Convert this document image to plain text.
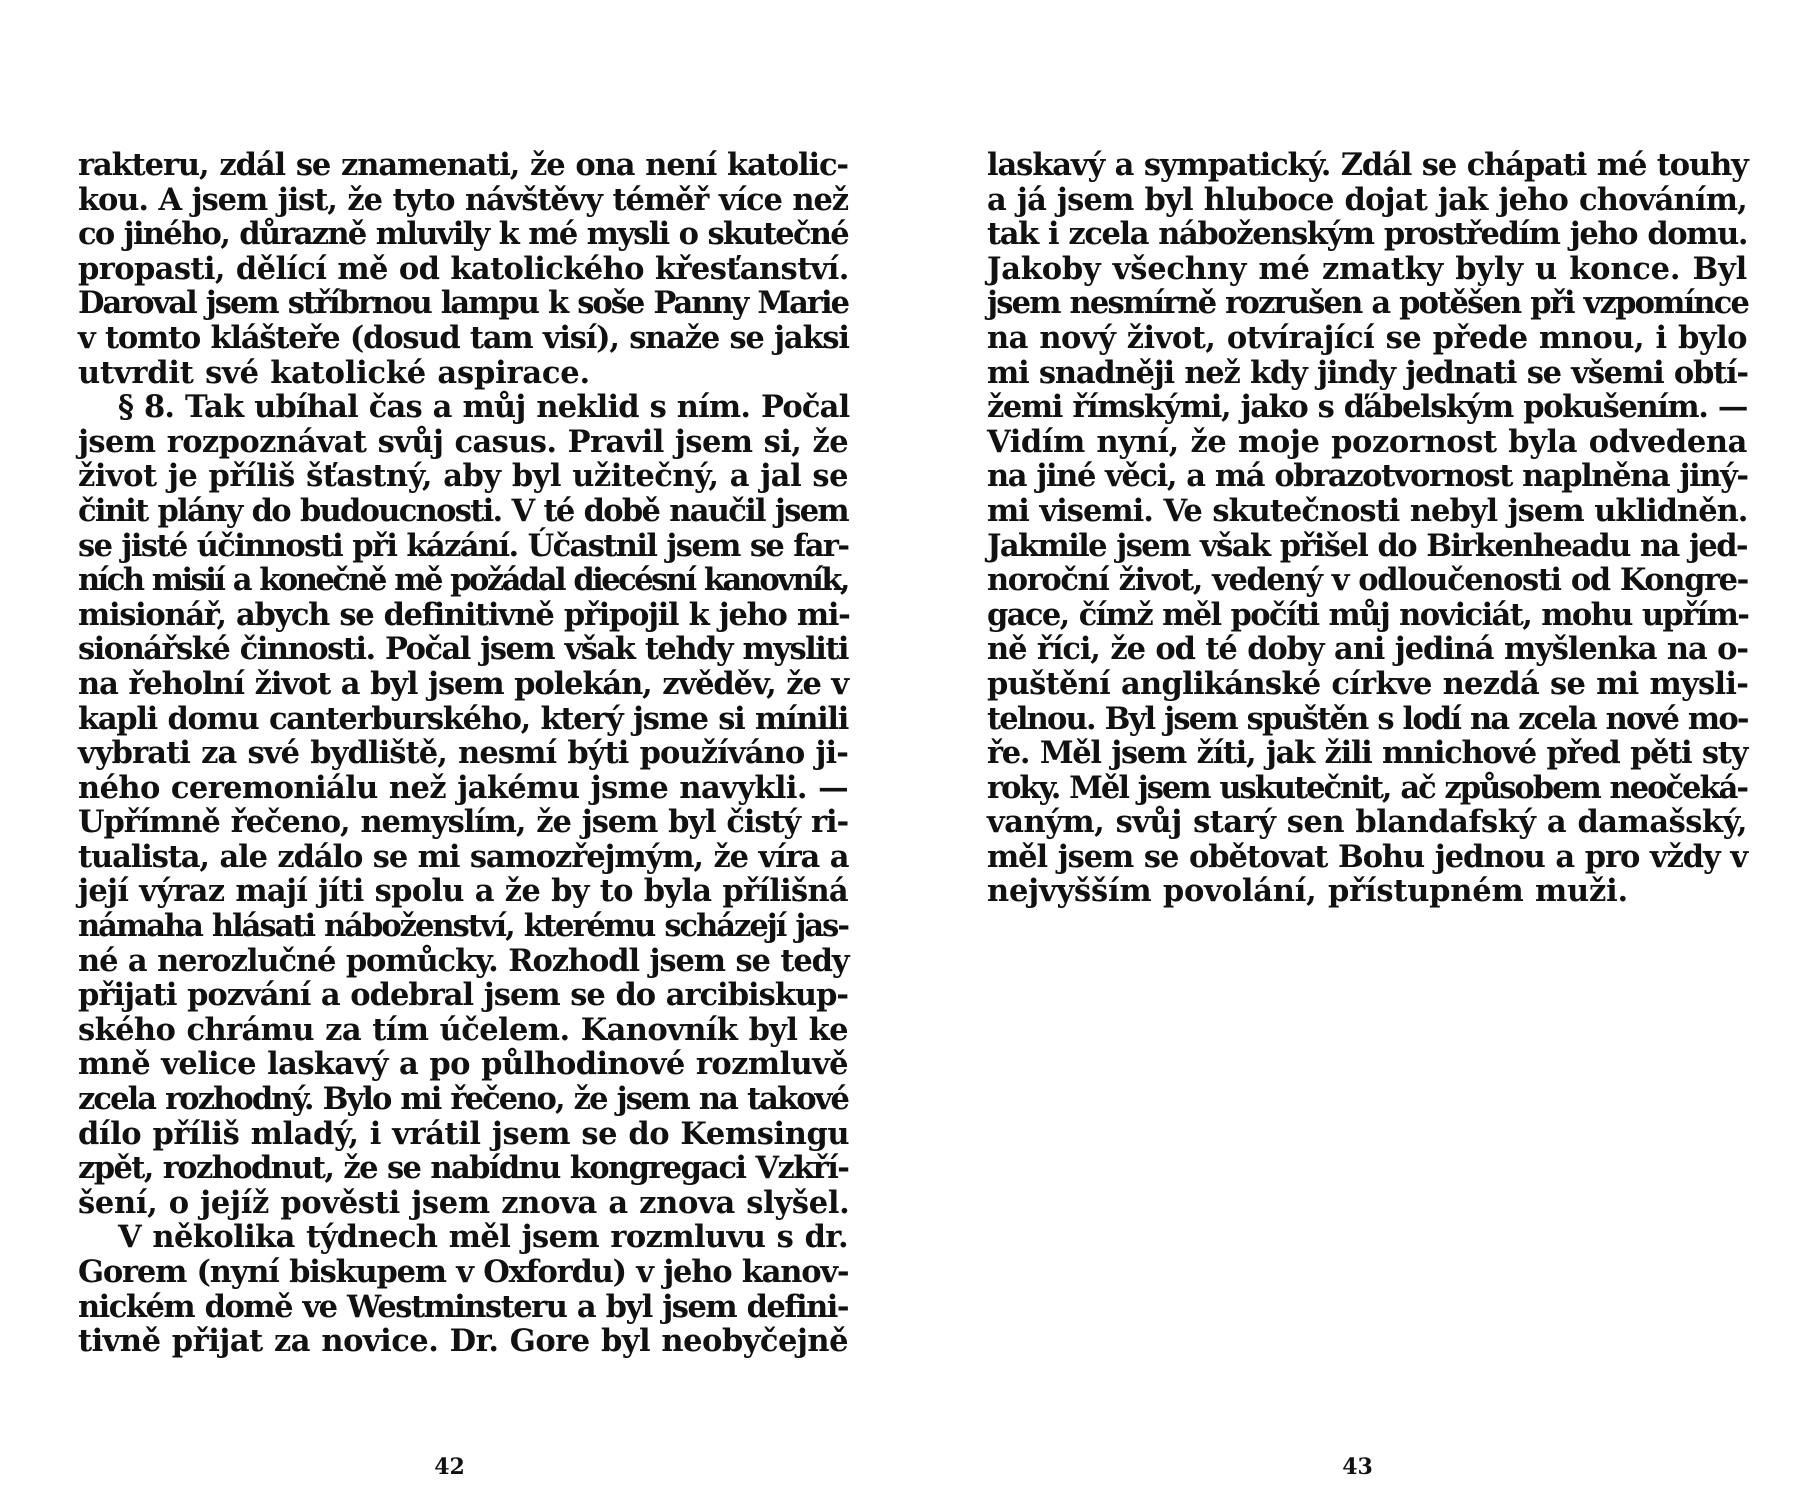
rakteru, zdál se znamenati, že ona není katolic-
kou. A jsem jist, že tyto návštěvy téměř více než
co jiného, důrazně mluvily k mé mysli o skutečné
propasti, dělící mě od katolického křesťanství.
Daroval jsem stříbrnou lampu k soše Panny Marie
v tomto klášteře (dosud tam visí), snaže se jaksi
utvrdit své katolické aspirace.
§ 8. Tak ubíhal čas a můj neklid s ním. Počal
jsem rozpoznávat svůj casus. Pravil jsem si, že
život je příliš šťastný, aby byl užitečný, a jal se
činit plány do budoucnosti. V té době naučil jsem
se jisté účinnosti při kázání. Účastnil jsem se far-
ních misií a konečně mě požádal diecésní kanovník,
misionář, abych se definitivně připojil k jeho mi-
sionářské činnosti. Počal jsem však tehdy mysliti
na řeholní život a byl jsem polekán, zvěděv, že v
kapli domu canterburského, který jsme si mínili
vybrati za své bydliště, nesmí býti používáno ji-
ného ceremoniálu než jakému jsme navykli. —
Upřímně řečeno, nemyslím, že jsem byl čistý ri-
tualista, ale zdálo se mi samozřejmým, že víra a
její výraz mají jíti spolu a že by to byla přílišná
námaha hlásati náboženství, kterému scházejí jas-
né a nerozlučné pomůcky. Rozhodl jsem se tedy
přijati pozvání a odebral jsem se do arcibiskup-
ského chrámu za tím účelem. Kanovník byl ke
mně velice laskavý a po půlhodinové rozmluvě
zcela rozhodný. Bylo mi řečeno, že jsem na takové
dílo příliš mladý, i vrátil jsem se do Kemsingu
zpět, rozhodnut, že se nabídnu kongregaci Vzkří-
šení, o jejíž pověsti jsem znova a znova slyšel.
V několika týdnech měl jsem rozmluvu s dr.
Gorem (nyní biskupem v Oxfordu) v jeho kanov-
nickém domě ve Westminsteru a byl jsem defini-
tivně přijat za novice. Dr. Gore byl neobyčejně
42
laskavý a sympatický. Zdál se chápati mé touhy
a já jsem byl hluboce dojat jak jeho chováním,
tak i zcela náboženským prostředím jeho domu.
Jakoby všechny mé zmatky byly u konce. Byl
jsem nesmírně rozrušen a potěšen při vzpomínce
na nový život, otvírající se přede mnou, i bylo
mi snadněji než kdy jindy jednati se všemi obtí-
žemi římskými, jako s ďábelským pokušením. —
Vidím nyní, že moje pozornost byla odvedena
na jiné věci, a má obrazotvornost naplněna jiný-
mi visemi. Ve skutečnosti nebyl jsem uklidněn.
Jakmile jsem však přišel do Birkenheadu na jed-
noroční život, vedený v odloučenosti od Kongre-
gace, čímž měl počíti můj noviciát, mohu upřím-
ně říci, že od té doby ani jediná myšlenka na o-
puštění anglikánské církve nezdá se mi mysli-
telnou. Byl jsem spuštěn s lodí na zcela nové mo-
ře. Měl jsem žíti, jak žili mnichové před pěti sty
roky. Měl jsem uskutečnit, ač způsobem neočeká-
vaným, svůj starý sen blandafský a damašský,
měl jsem se obětovat Bohu jednou a pro vždy v
nejvyšším povolání, přístupném muži.
43
